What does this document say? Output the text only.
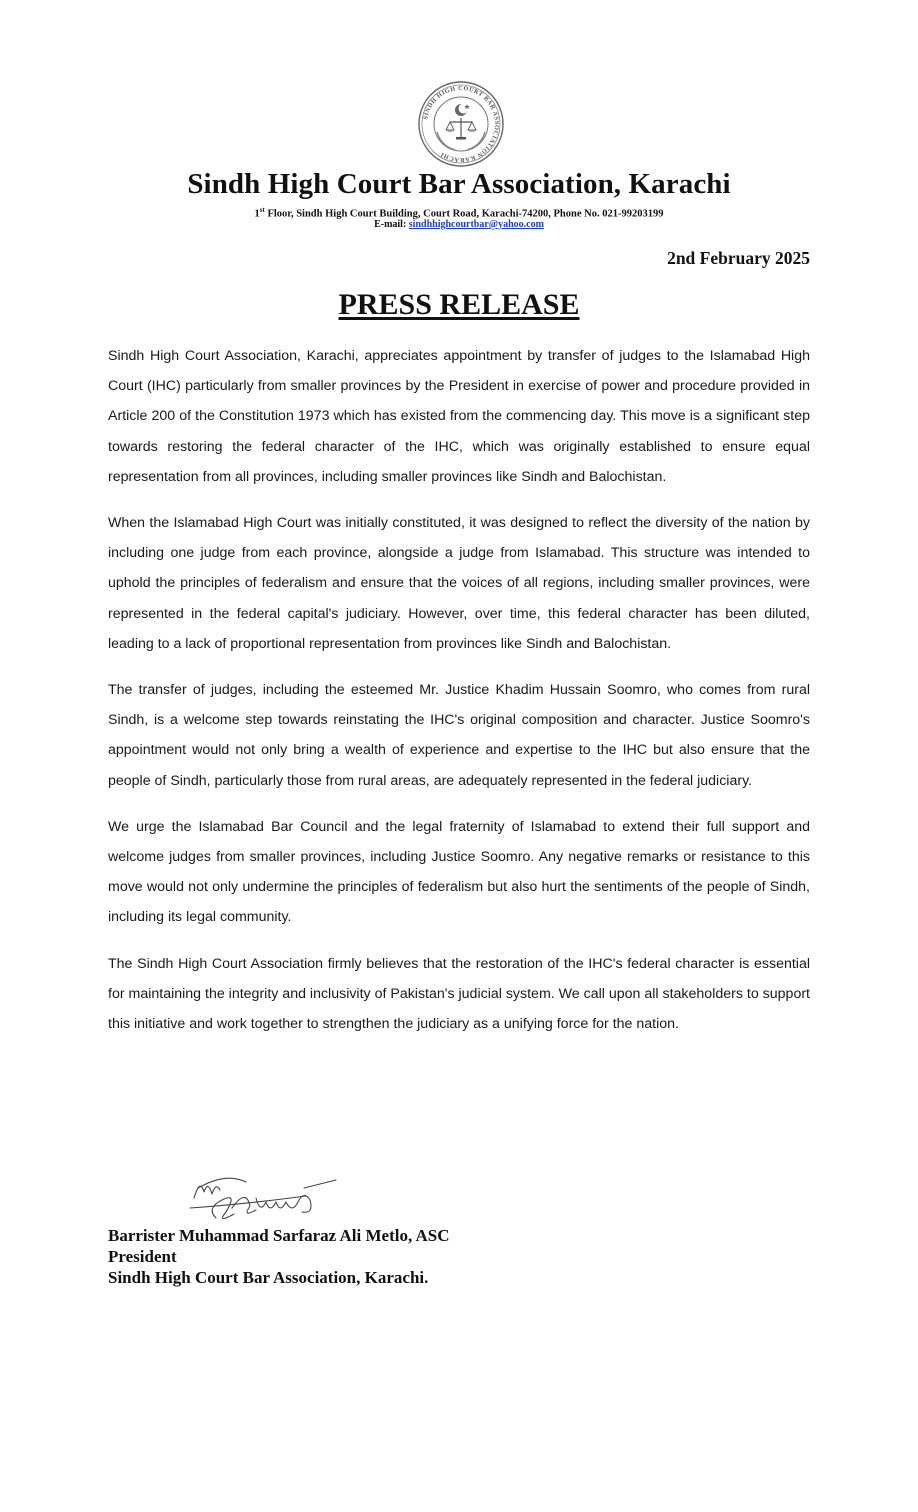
SINDH HIGH COURT BAR ASSOCIATION KARACHI
Sindh High Court Bar Association, Karachi
1st Floor, Sindh High Court Building, Court Road, Karachi-74200, Phone No. 021-99203199
E-mail: sindhhighcourtbar@yahoo.com
2nd February 2025
PRESS RELEASE

Sindh High Court Association, Karachi, appreciates appointment by transfer of judges to the Islamabad High Court (IHC) particularly from smaller provinces by the President in exercise of power and procedure provided in Article 200 of the Constitution 1973 which has existed from the commencing day. This move is a significant step towards restoring the federal character of the IHC, which was originally established to ensure equal representation from all provinces, including smaller provinces like Sindh and Balochistan.

When the Islamabad High Court was initially constituted, it was designed to reflect the diversity of the nation by including one judge from each province, alongside a judge from Islamabad. This structure was intended to uphold the principles of federalism and ensure that the voices of all regions, including smaller provinces, were represented in the federal capital's judiciary. However, over time, this federal character has been diluted, leading to a lack of proportional representation from provinces like Sindh and Balochistan.

The transfer of judges, including the esteemed Mr. Justice Khadim Hussain Soomro, who comes from rural Sindh, is a welcome step towards reinstating the IHC's original composition and character. Justice Soomro's appointment would not only bring a wealth of experience and expertise to the IHC but also ensure that the people of Sindh, particularly those from rural areas, are adequately represented in the federal judiciary.

We urge the Islamabad Bar Council and the legal fraternity of Islamabad to extend their full support and welcome judges from smaller provinces, including Justice Soomro. Any negative remarks or resistance to this move would not only undermine the principles of federalism but also hurt the sentiments of the people of Sindh, including its legal community.

The Sindh High Court Association firmly believes that the restoration of the IHC's federal character is essential for maintaining the integrity and inclusivity of Pakistan's judicial system. We call upon all stakeholders to support this initiative and work together to strengthen the judiciary as a unifying force for the nation.

Barrister Muhammad Sarfaraz Ali Metlo, ASC
President
Sindh High Court Bar Association, Karachi.
